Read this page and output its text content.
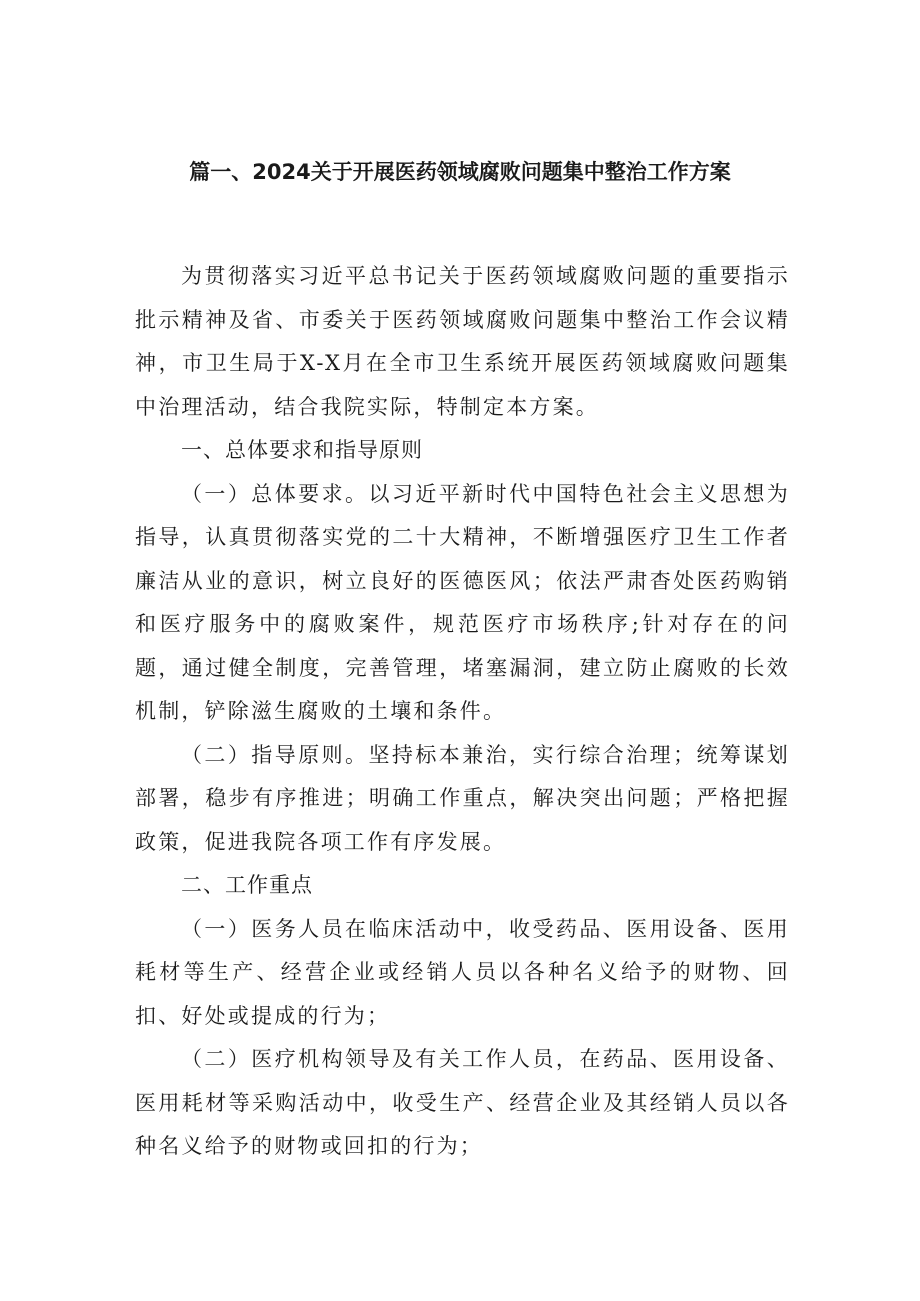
篇一、2024关于开展医药领域腐败问题集中整治工作方案

为贯彻落实习近平总书记关于医药领域腐败问题的重要指示批示精神及省、市委关于医药领域腐败问题集中整治工作会议精神，市卫生局于X-X月在全市卫生系统开展医药领域腐败问题集中治理活动，结合我院实际，特制定本方案。

一、总体要求和指导原则

（一）总体要求。以习近平新时代中国特色社会主义思想为指导，认真贯彻落实党的二十大精神，不断增强医疗卫生工作者廉洁从业的意识，树立良好的医德医风；依法严肃杳处医药购销和医疗服务中的腐败案件，规范医疗市场秩序;针对存在的问题，通过健全制度，完善管理，堵塞漏洞，建立防止腐败的长效机制，铲除滋生腐败的土壤和条件。

（二）指导原则。坚持标本兼治，实行综合治理；统筹谋划部署，稳步有序推进；明确工作重点，解决突出问题；严格把握政策，促进我院各项工作有序发展。

二、工作重点

（一）医务人员在临床活动中，收受药品、医用设备、医用耗材等生产、经营企业或经销人员以各种名义给予的财物、回扣、好处或提成的行为；

（二）医疗机构领导及有关工作人员，在药品、医用设备、医用耗材等采购活动中，收受生产、经营企业及其经销人员以各种名义给予的财物或回扣的行为；
